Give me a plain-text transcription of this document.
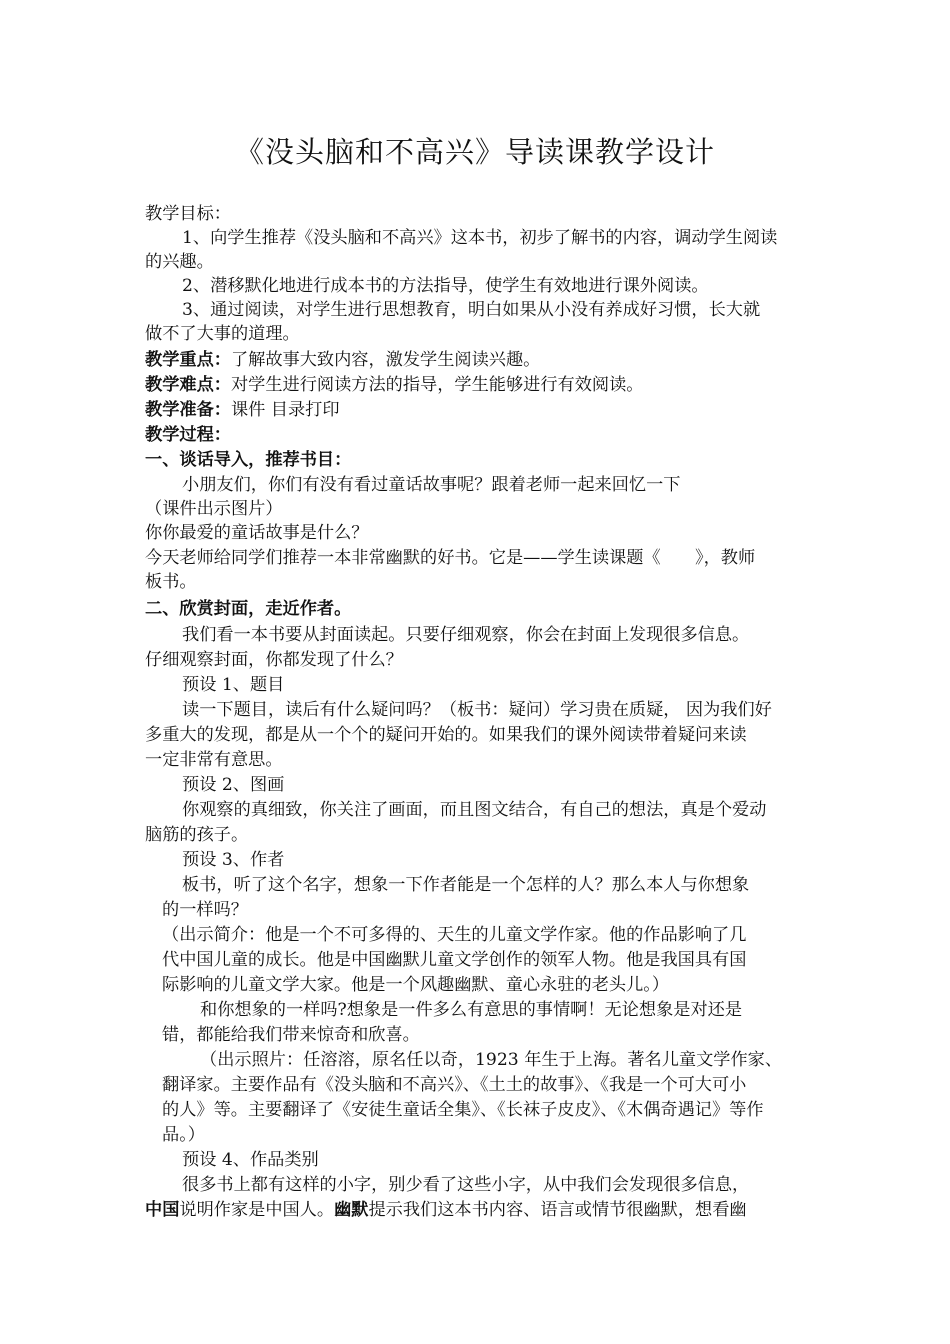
《没头脑和不高兴》导读课教学设计
教学目标：
1、向学生推荐《没头脑和不高兴》这本书，初步了解书的内容，调动学生阅读
的兴趣。
2、潜移默化地进行成本书的方法指导，使学生有效地进行课外阅读。
3、通过阅读，对学生进行思想教育，明白如果从小没有养成好习惯，长大就
做不了大事的道理。
教学重点：了解故事大致内容，激发学生阅读兴趣。
教学难点：对学生进行阅读方法的指导，学生能够进行有效阅读。
教学准备：课件 目录打印
教学过程：
一、谈话导入，推荐书目：
小朋友们，你们有没有看过童话故事呢？跟着老师一起来回忆一下
（课件出示图片）
你你最爱的童话故事是什么？
今天老师给同学们推荐一本非常幽默的好书。它是——学生读课题《　　》，教师
板书。
二、欣赏封面，走近作者。
我们看一本书要从封面读起。只要仔细观察，你会在封面上发现很多信息。
仔细观察封面，你都发现了什么？
预设 1、题目
读一下题目，读后有什么疑问吗？（板书：疑问）学习贵在质疑， 因为我们好
多重大的发现，都是从一个个的疑问开始的。如果我们的课外阅读带着疑问来读
一定非常有意思。
预设 2、图画
你观察的真细致，你关注了画面，而且图文结合，有自己的想法，真是个爱动
脑筋的孩子。
预设 3、作者
板书，听了这个名字，想象一下作者能是一个怎样的人？那么本人与你想象
的一样吗？
（出示简介：他是一个不可多得的、天生的儿童文学作家。他的作品影响了几
代中国儿童的成长。他是中国幽默儿童文学创作的领军人物。他是我国具有国
际影响的儿童文学大家。他是一个风趣幽默、童心永驻的老头儿。）
和你想象的一样吗?想象是一件多么有意思的事情啊！无论想象是对还是
错，都能给我们带来惊奇和欣喜。
（出示照片：任溶溶，原名任以奇，1923 年生于上海。著名儿童文学作家、
翻译家。主要作品有《没头脑和不高兴》、《土土的故事》、《我是一个可大可小
的人》等。主要翻译了《安徒生童话全集》、《长袜子皮皮》、《木偶奇遇记》等作
品。）
预设 4、作品类别
很多书上都有这样的小字，别少看了这些小字，从中我们会发现很多信息，
中国说明作家是中国人。幽默提示我们这本书内容、语言或情节很幽默，想看幽
